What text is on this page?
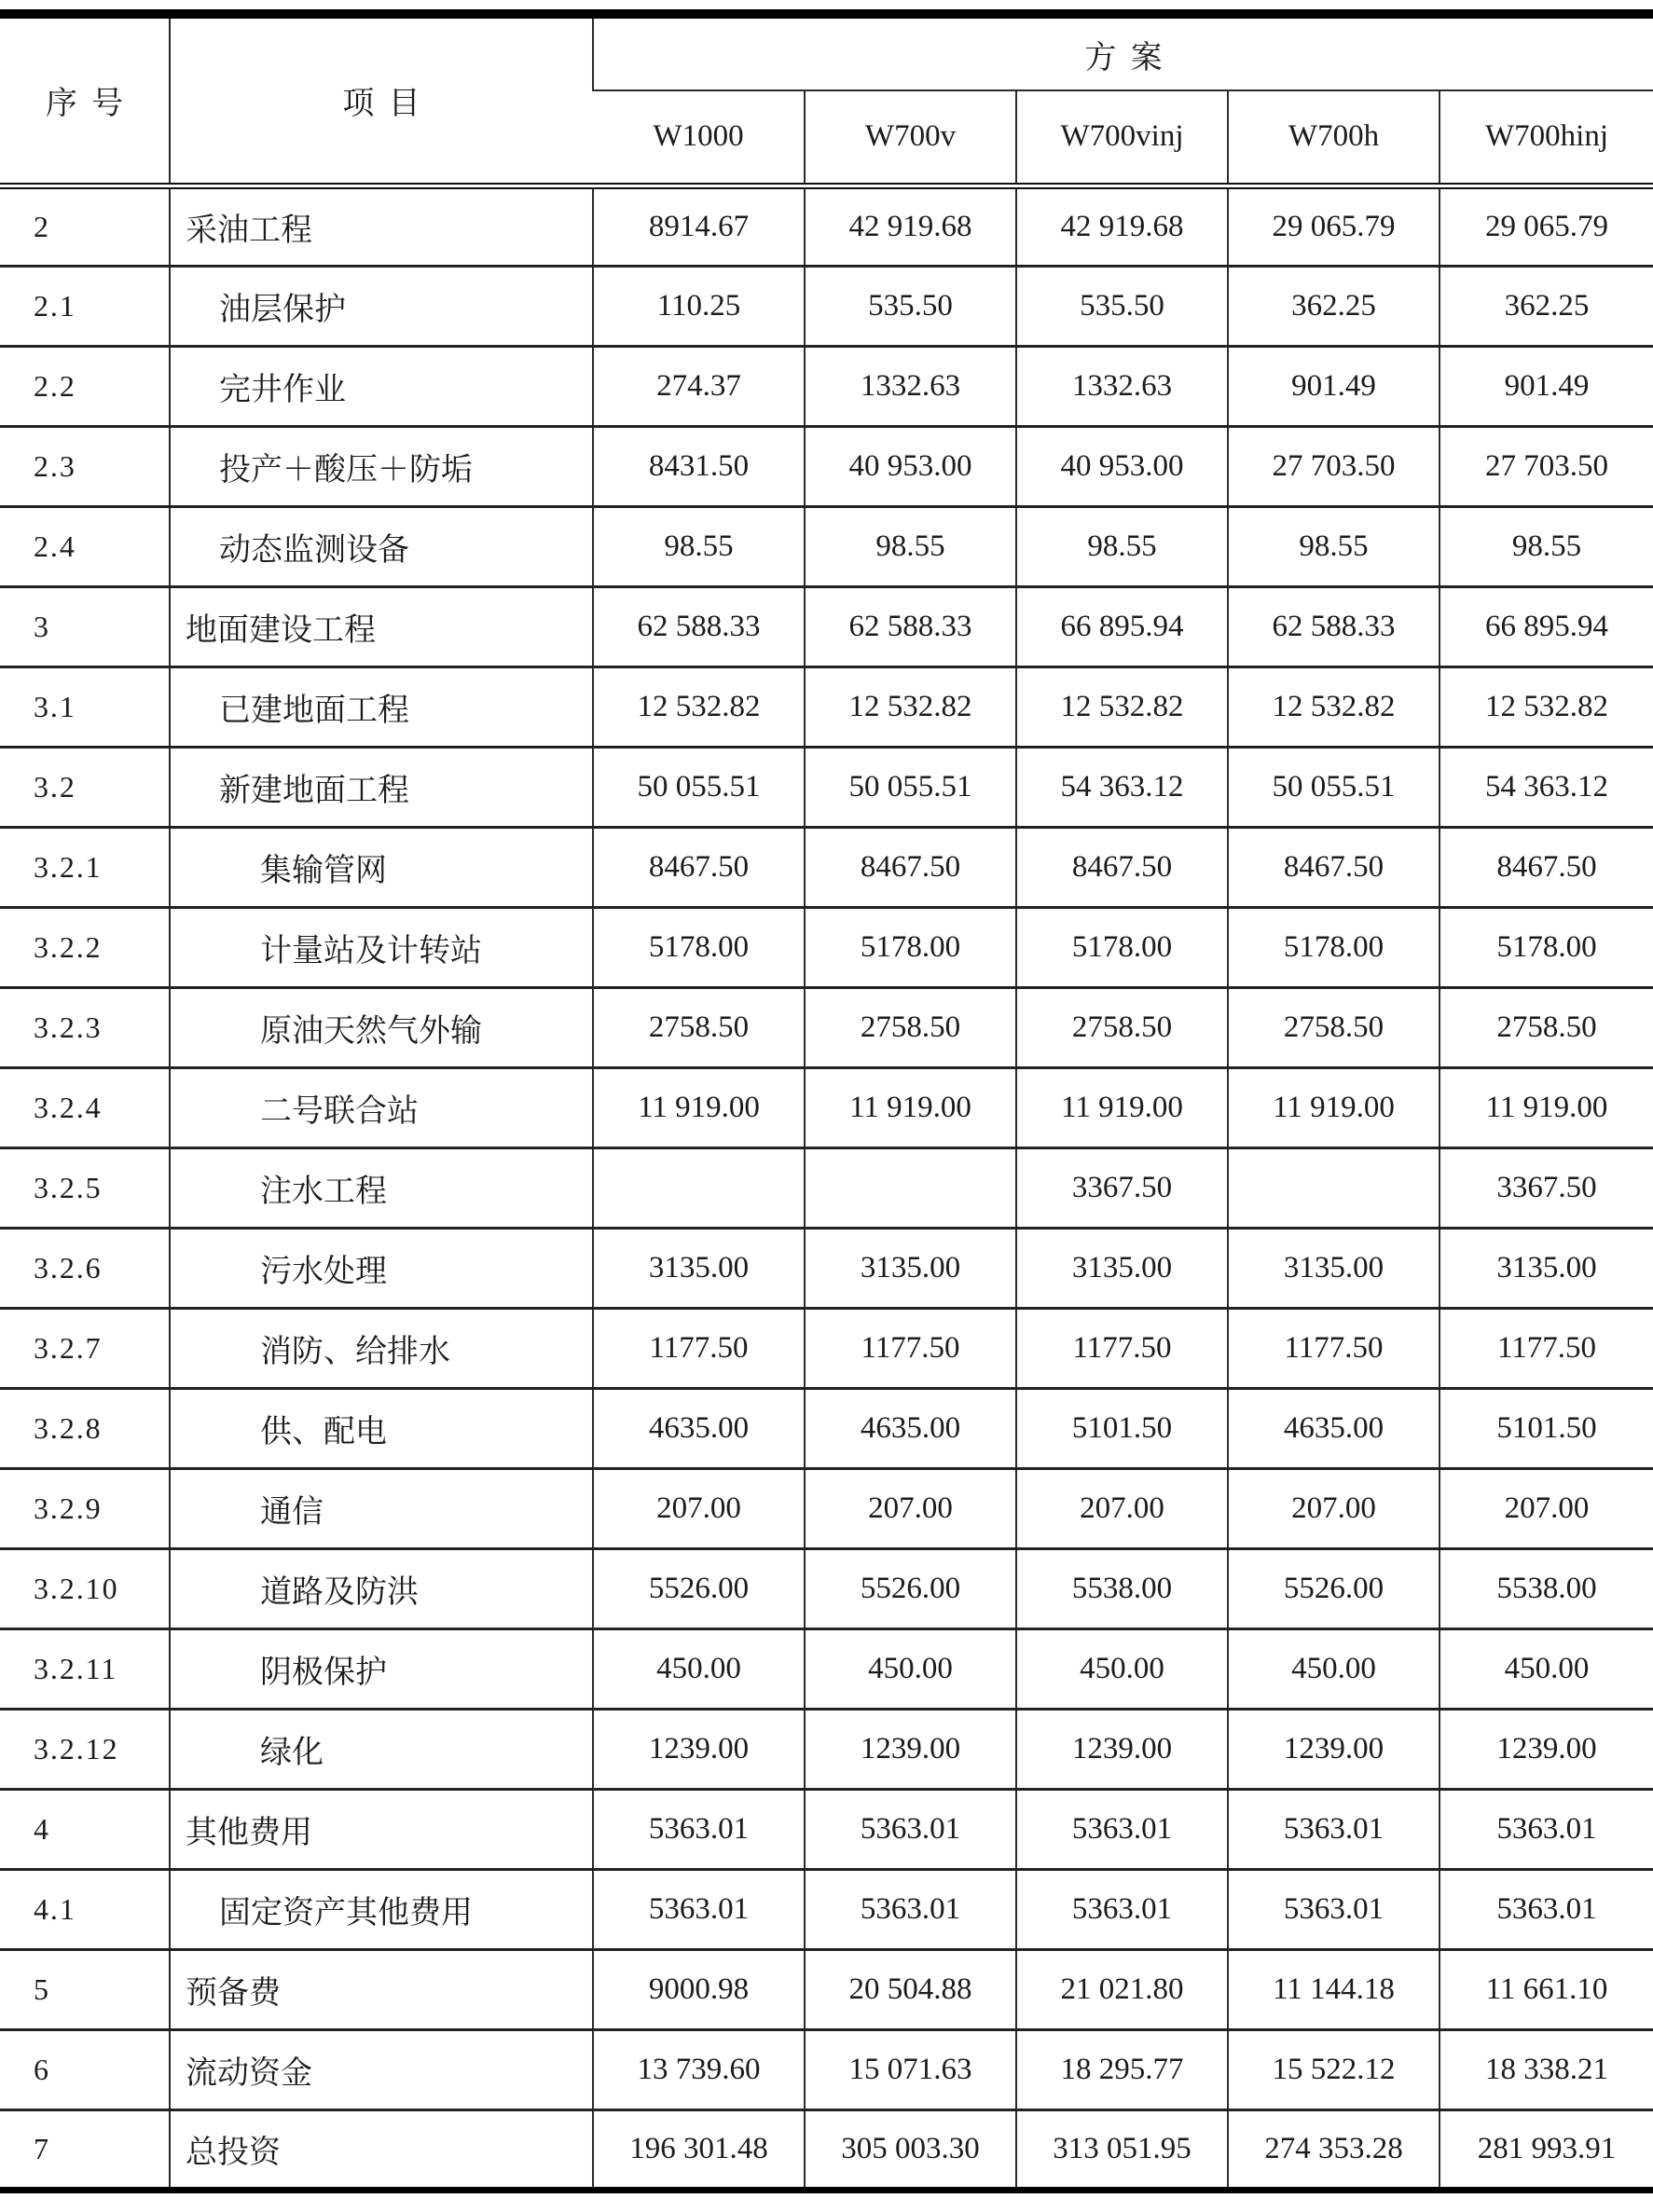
序号	项目	方案				
		W1000	W700v	W700vinj	W700h	W700hinj
2	采油工程	8914.67	42 919.68	42 919.68	29 065.79	29 065.79
2.1	油层保护	110.25	535.50	535.50	362.25	362.25
2.2	完井作业	274.37	1332.63	1332.63	901.49	901.49
2.3	投产＋酸压＋防垢	8431.50	40 953.00	40 953.00	27 703.50	27 703.50
2.4	动态监测设备	98.55	98.55	98.55	98.55	98.55
3	地面建设工程	62 588.33	62 588.33	66 895.94	62 588.33	66 895.94
3.1	已建地面工程	12 532.82	12 532.82	12 532.82	12 532.82	12 532.82
3.2	新建地面工程	50 055.51	50 055.51	54 363.12	50 055.51	54 363.12
3.2.1	集输管网	8467.50	8467.50	8467.50	8467.50	8467.50
3.2.2	计量站及计转站	5178.00	5178.00	5178.00	5178.00	5178.00
3.2.3	原油天然气外输	2758.50	2758.50	2758.50	2758.50	2758.50
3.2.4	二号联合站	11 919.00	11 919.00	11 919.00	11 919.00	11 919.00
3.2.5	注水工程			3367.50		3367.50
3.2.6	污水处理	3135.00	3135.00	3135.00	3135.00	3135.00
3.2.7	消防、给排水	1177.50	1177.50	1177.50	1177.50	1177.50
3.2.8	供、配电	4635.00	4635.00	5101.50	4635.00	5101.50
3.2.9	通信	207.00	207.00	207.00	207.00	207.00
3.2.10	道路及防洪	5526.00	5526.00	5538.00	5526.00	5538.00
3.2.11	阴极保护	450.00	450.00	450.00	450.00	450.00
3.2.12	绿化	1239.00	1239.00	1239.00	1239.00	1239.00
4	其他费用	5363.01	5363.01	5363.01	5363.01	5363.01
4.1	固定资产其他费用	5363.01	5363.01	5363.01	5363.01	5363.01
5	预备费	9000.98	20 504.88	21 021.80	11 144.18	11 661.10
6	流动资金	13 739.60	15 071.63	18 295.77	15 522.12	18 338.21
7	总投资	196 301.48	305 003.30	313 051.95	274 353.28	281 993.91
